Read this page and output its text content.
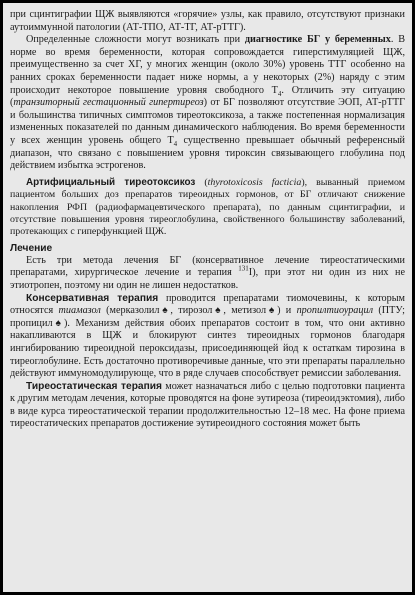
при сцинтиграфии ЩЖ выявляются «горячие» узлы, как правило, отсутствуют признаки аутоиммунной патологии (АТ-ТПО, АТ-ТГ, АТ-рТТГ).

Определенные сложности могут возникать при диагностике БГ у беременных. В норме во время беременности, которая сопровождается гиперстимуляцией ЩЖ, преимущественно за счет ХГ, у многих женщин (около 30%) уровень ТТГ особенно на ранних сроках беременности падает ниже нормы, а у некоторых (2%) наряду с этим происходит некоторое повышение уровня свободного $Т_4$. Отличить эту ситуацию (транзиторный гестационный гипертиреоз) от БГ позволяют отсутствие ЭОП, АТ-рТТГ и большинства типичных симптомов тиреотоксикоза, а также постепенная нормализация измененных показателей по данным динамического наблюдения. Во время беременности у всех женщин уровень общего $Т_4$ существенно превышает обычный референсный диапазон, что связано с повышением уровня тироксин связывающего глобулина под действием избытка эстрогенов.

Артифициальный тиреотоксикоз (thyrotoxicosis facticia), выванный приемом пациентом больших доз препаратов тиреоидных гормонов, от БГ отличают снижение накопления РФП (радиофармацевтического препарата), по данным сцинтиграфии, и отсутствие повышения уровня тиреоглобулина, свойственного большинству заболеваний, протекающих с гиперфункцией ЩЖ.

Лечение

Есть три метода лечения БГ (консервативное лечение тиреостатическими препаратами, хирургическое лечение и терапия $^{131}$I), при этот ни один из них не этиотропен, поэтому ни один не лишен недостатков.

Консервативная терапия проводится препаратами тиомочевины, к которым относятся тиамазол (мерказолил♠, тирозол♠, метизол♠) и пропилтиоурацил (ПТУ; пропицил♠). Механизм действия обоих препаратов состоит в том, что они активно накапливаются в ЩЖ и блокируют синтез тиреоидных гормонов благодаря ингибированию тиреоидной пероксидазы, присоединяющей йод к остаткам тирозина в тиреоглобулине. Есть достаточно противоречивые данные, что эти препараты параллельно действуют иммуномодулирующе, что в ряде случаев способствует ремиссии заболевания.

Тиреостатическая терапия может назначаться либо с целью подготовки пациента к другим методам лечения, которые проводятся на фоне эутиреоза (тиреоидэктомия), либо в виде курса тиреостатической терапии продолжительностью 12–18 мес. На фоне приема тиреостатических препаратов достижение эутиреоидного состояния может быть
